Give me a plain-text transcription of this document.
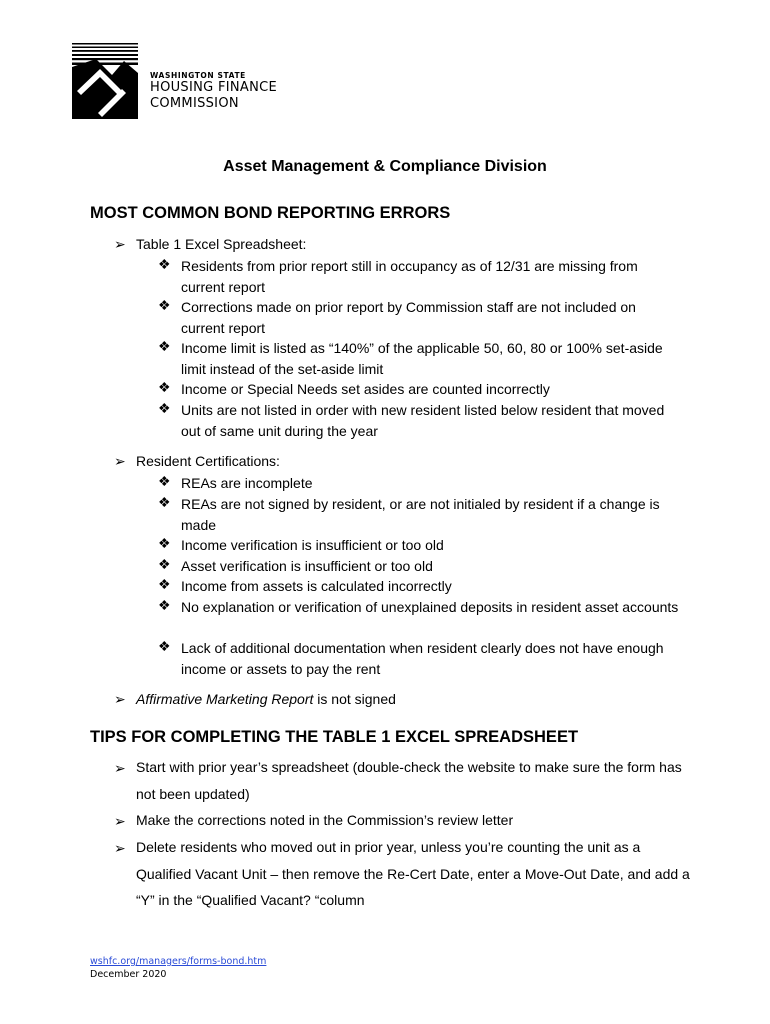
WASHINGTON STATE
HOUSING FINANCE
COMMISSION
Asset Management & Compliance Division
MOST COMMON BOND REPORTING ERRORS
➢ Table 1 Excel Spreadsheet:
❖ Residents from prior report still in occupancy as of 12/31 are missing from current report
❖ Corrections made on prior report by Commission staff are not included on current report
❖ Income limit is listed as “140%” of the applicable 50, 60, 80 or 100% set-aside limit instead of the set-aside limit
❖ Income or Special Needs set asides are counted incorrectly
❖ Units are not listed in order with new resident listed below resident that moved out of same unit during the year
➢ Resident Certifications:
❖ REAs are incomplete
❖ REAs are not signed by resident, or are not initialed by resident if a change is made
❖ Income verification is insufficient or too old
❖ Asset verification is insufficient or too old
❖ Income from assets is calculated incorrectly
❖ No explanation or verification of unexplained deposits in resident asset accounts
❖ Lack of additional documentation when resident clearly does not have enough income or assets to pay the rent
➢ Affirmative Marketing Report is not signed
TIPS FOR COMPLETING THE TABLE 1 EXCEL SPREADSHEET
➢ Start with prior year’s spreadsheet (double-check the website to make sure the form has not been updated)
➢ Make the corrections noted in the Commission’s review letter
➢ Delete residents who moved out in prior year, unless you’re counting the unit as a Qualified Vacant Unit – then remove the Re-Cert Date, enter a Move-Out Date, and add a “Y” in the “Qualified Vacant? “column
wshfc.org/managers/forms-bond.htm
December 2020
